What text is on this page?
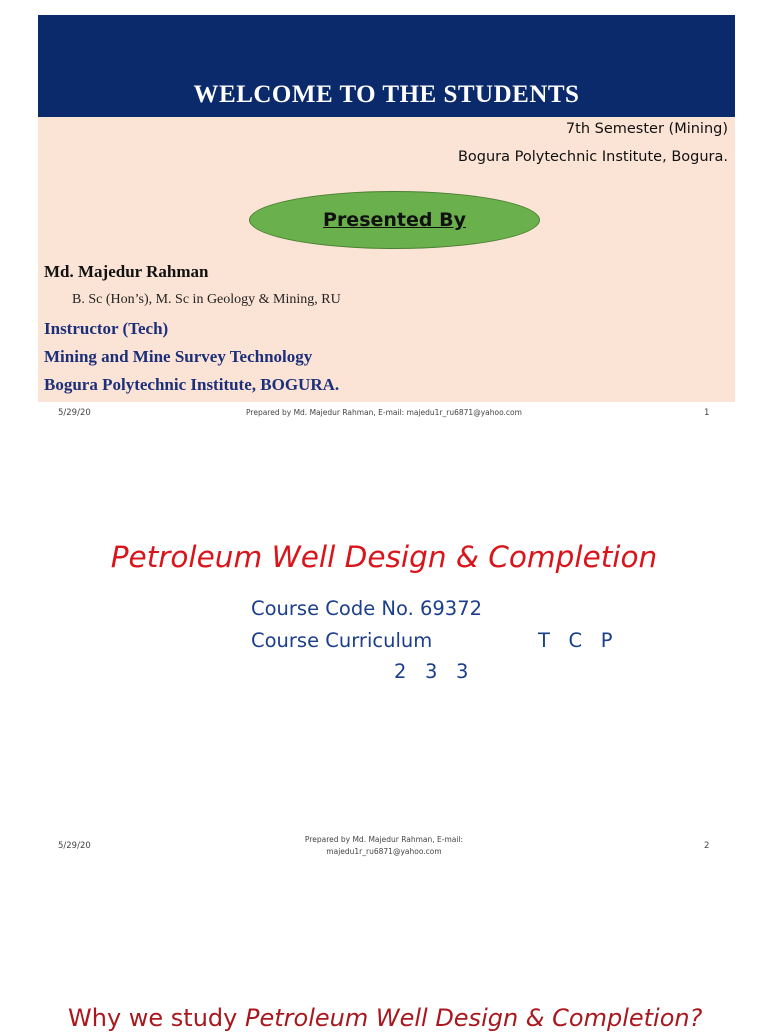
WELCOME TO THE STUDENTS
7th Semester (Mining)
Bogura Polytechnic Institute, Bogura.
Presented By
Md. Majedur Rahman
B. Sc (Hon’s), M. Sc in Geology & Mining, RU
Instructor (Tech)
Mining and Mine Survey Technology
Bogura Polytechnic Institute, BOGURA.
5/29/20	Prepared by Md. Majedur Rahman, E-mail: majedu1r_ru6871@yahoo.com	1
Petroleum Well Design & Completion
Course Code No. 69372
Course Curriculum	T   C   P
2   3   3
5/29/20
Prepared by Md. Majedur Rahman, E-mail:
majedu1r_ru6871@yahoo.com
2
Why we study Petroleum Well Design & Completion?
